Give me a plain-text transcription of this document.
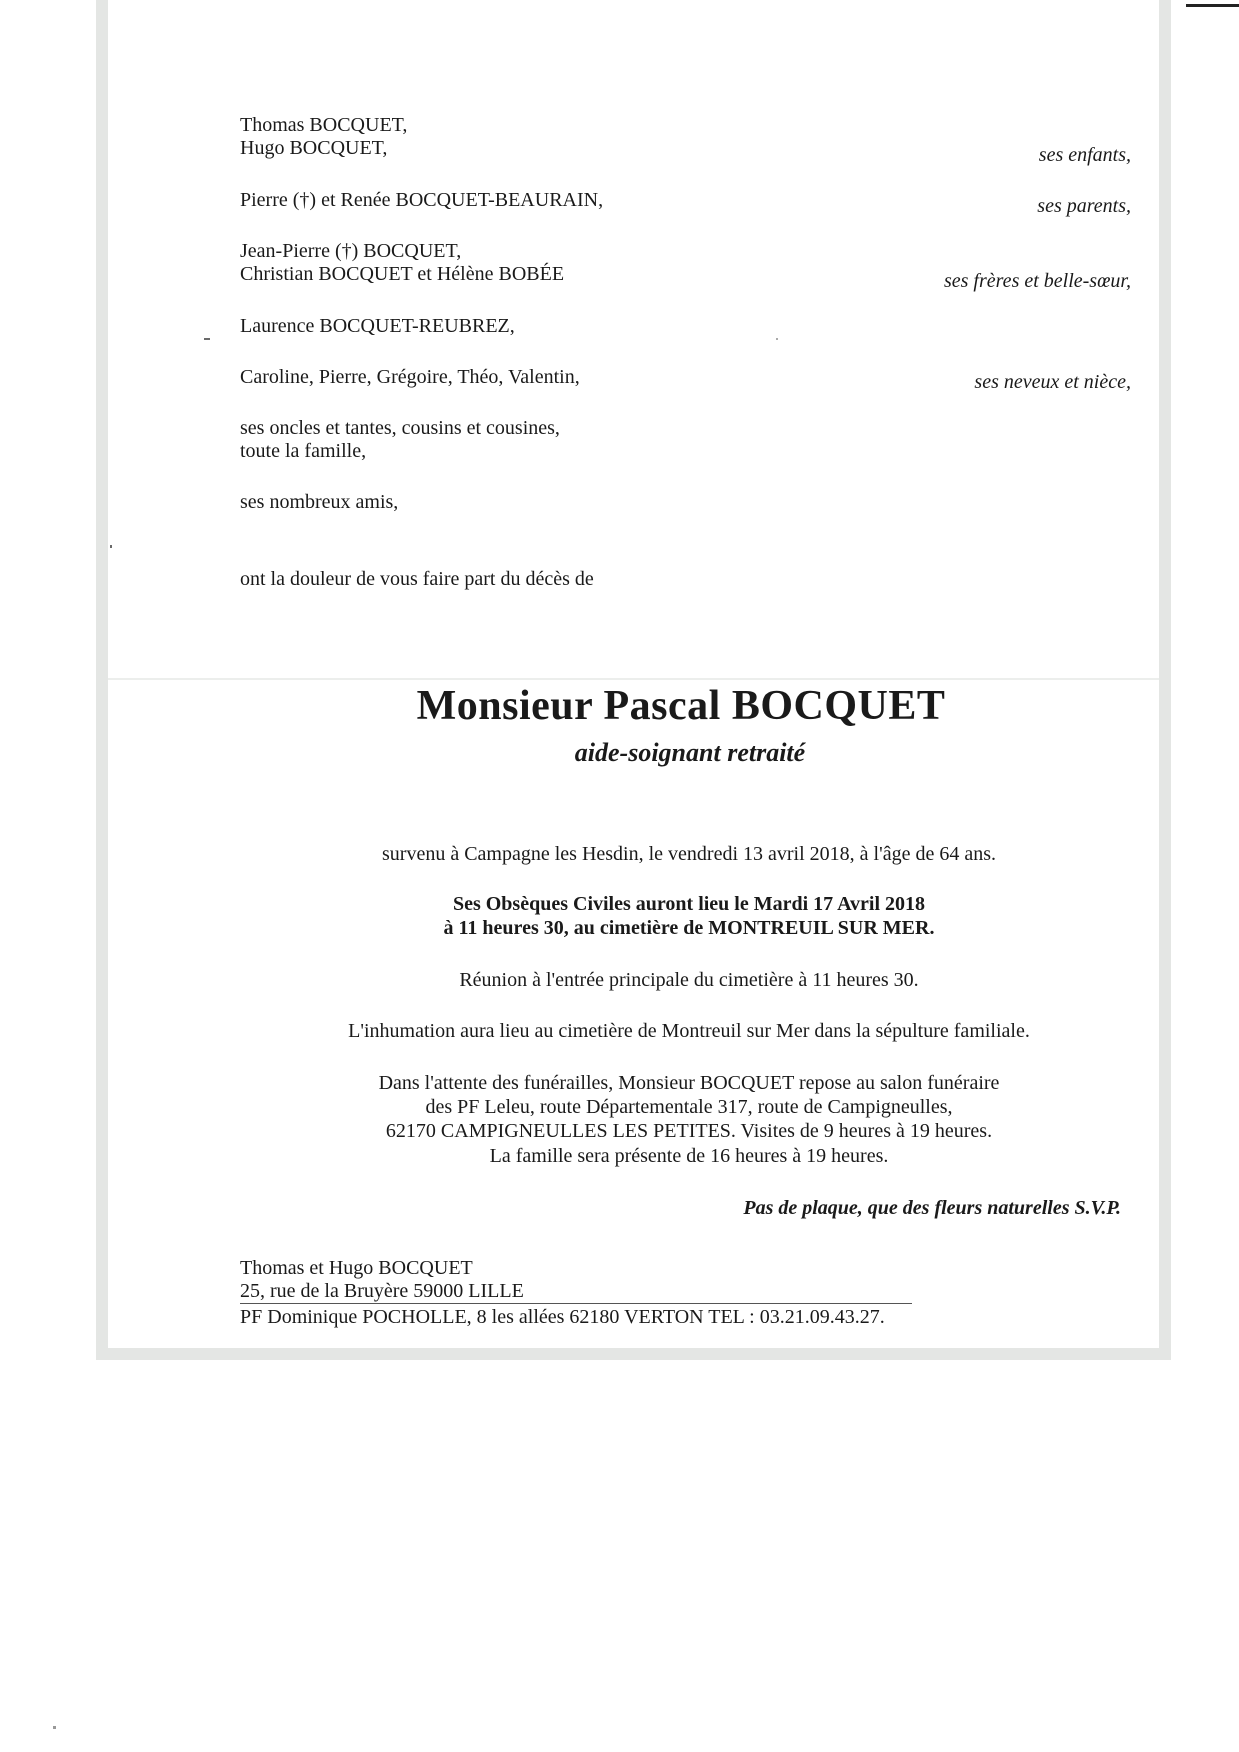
Thomas BOCQUET,
Hugo BOCQUET,	ses enfants,
Pierre (†) et Renée BOCQUET-BEAURAIN,	ses parents,
Jean-Pierre (†) BOCQUET,
Christian BOCQUET et Hélène BOBÉE	ses frères et belle-sœur,
Laurence BOCQUET-REUBREZ,
Caroline, Pierre, Grégoire, Théo, Valentin,	ses neveux et nièce,
ses oncles et tantes, cousins et cousines,
toute la famille,
ses nombreux amis,
ont la douleur de vous faire part du décès de
Monsieur Pascal BOCQUET
aide-soignant retraité
survenu à Campagne les Hesdin, le vendredi 13 avril 2018, à l'âge de 64 ans.
Ses Obsèques Civiles auront lieu le Mardi 17 Avril 2018
à 11 heures 30, au cimetière de MONTREUIL SUR MER.
Réunion à l'entrée principale du cimetière à 11 heures 30.
L'inhumation aura lieu au cimetière de Montreuil sur Mer dans la sépulture familiale.
Dans l'attente des funérailles, Monsieur BOCQUET repose au salon funéraire
des PF Leleu, route Départementale 317, route de Campigneulles,
62170 CAMPIGNEULLES LES PETITES. Visites de 9 heures à 19 heures.
La famille sera présente de 16 heures à 19 heures.
Pas de plaque, que des fleurs naturelles S.V.P.
Thomas et Hugo BOCQUET
25, rue de la Bruyère 59000 LILLE
PF Dominique POCHOLLE, 8 les allées 62180 VERTON TEL : 03.21.09.43.27.
